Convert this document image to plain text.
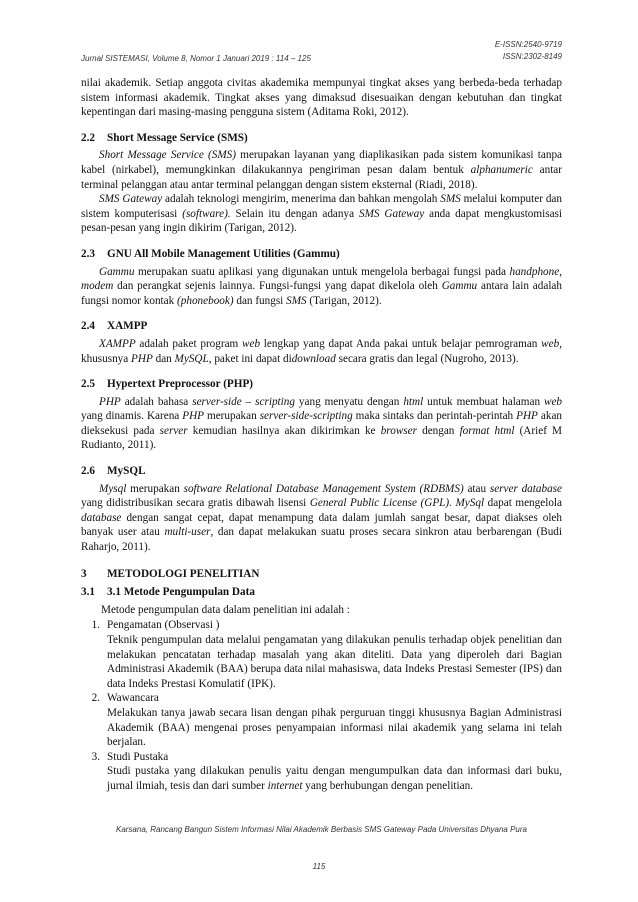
E-ISSN:2540-9719
ISSN:2302-8149
Jurnal SISTEMASI, Volume 8, Nomor 1 Januari 2019 : 114 – 125

nilai akademik. Setiap anggota civitas akademika mempunyai tingkat akses yang berbeda-beda terhadap sistem informasi akademik. Tingkat akses yang dimaksud disesuaikan dengan kebutuhan dan tingkat kepentingan dari masing-masing pengguna sistem (Aditama Roki, 2012).

2.2	Short Message Service (SMS)

Short Message Service (SMS) merupakan layanan yang diaplikasikan pada sistem komunikasi tanpa kabel (nirkabel), memungkinkan dilakukannya pengiriman pesan dalam bentuk alphanumeric antar terminal pelanggan atau antar terminal pelanggan dengan sistem eksternal (Riadi, 2018).

SMS Gateway adalah teknologi mengirim, menerima dan bahkan mengolah SMS melalui komputer dan sistem komputerisasi (software). Selain itu dengan adanya SMS Gateway anda dapat mengkustomisasi pesan-pesan yang ingin dikirim (Tarigan, 2012).

2.3	GNU All Mobile Management Utilities (Gammu)

Gammu merupakan suatu aplikasi yang digunakan untuk mengelola berbagai fungsi pada handphone, modem dan perangkat sejenis lainnya. Fungsi-fungsi yang dapat dikelola oleh Gammu antara lain adalah fungsi nomor kontak (phonebook) dan fungsi SMS (Tarigan, 2012).

2.4	XAMPP

XAMPP adalah paket program web lengkap yang dapat Anda pakai untuk belajar pemrograman web, khususnya PHP dan MySQL, paket ini dapat didownload secara gratis dan legal (Nugroho, 2013).

2.5	Hypertext Preprocessor (PHP)

PHP adalah bahasa server-side – scripting yang menyatu dengan html untuk membuat halaman web yang dinamis. Karena PHP merupakan server-side-scripting maka sintaks dan perintah-perintah PHP akan dieksekusi pada server kemudian hasilnya akan dikirimkan ke browser dengan format html (Arief M Rudianto, 2011).

2.6	MySQL

Mysql merupakan software Relational Database Management System (RDBMS) atau server database yang didistribusikan secara gratis dibawah lisensi General Public License (GPL). MySql dapat mengelola database dengan sangat cepat, dapat menampung data dalam jumlah sangat besar, dapat diakses oleh banyak user atau multi-user, dan dapat melakukan suatu proses secara sinkron atau berbarengan (Budi Raharjo, 2011).

3	METODOLOGI PENELITIAN
3.1	3.1 Metode Pengumpulan Data

Metode pengumpulan data dalam penelitian ini adalah :

1. Pengamatan (Observasi )

Teknik pengumpulan data melalui pengamatan yang dilakukan penulis terhadap objek penelitian dan melakukan pencatatan terhadap masalah yang akan diteliti. Data yang diperoleh dari Bagian Administrasi Akademik (BAA) berupa data nilai mahasiswa, data Indeks Prestasi Semester (IPS) dan data Indeks Prestasi Komulatif (IPK).

2. Wawancara

Melakukan tanya jawab secara lisan dengan pihak perguruan tinggi khususnya Bagian Administrasi Akademik (BAA) mengenai proses penyampaian informasi nilai akademik yang selama ini telah berjalan.

3. Studi Pustaka

Studi pustaka yang dilakukan penulis yaitu dengan mengumpulkan data dan informasi dari buku, jurnal ilmiah, tesis dan dari sumber internet yang berhubungan dengan penelitian.

Karsana, Rancang Bangun Sistem Informasi Nilai Akademik Berbasis SMS Gateway Pada Universitas Dhyana Pura
115
